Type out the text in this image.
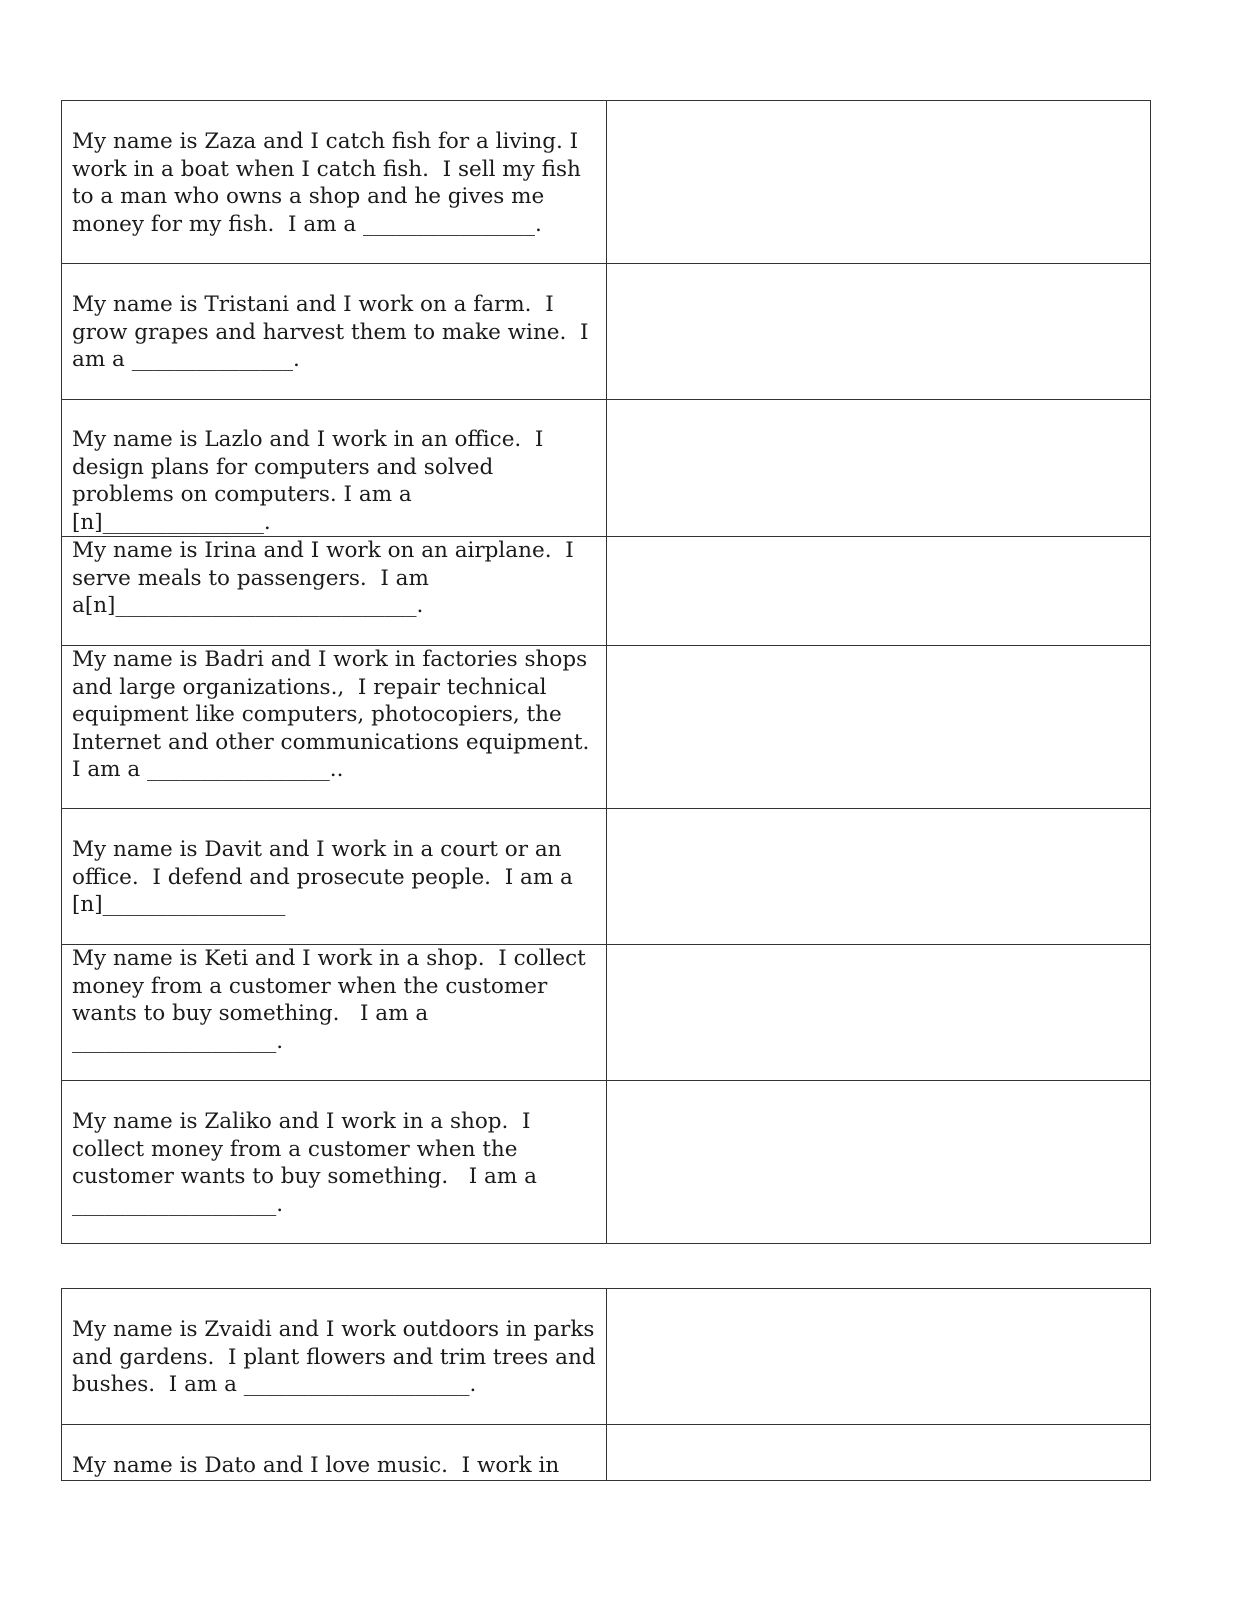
My name is Zaza and I catch fish for a living. I work in a boat when I catch fish.  I sell my fish to a man who owns a shop and he gives me money for my fish.  I am a ________________.	

My name is Tristani and I work on a farm.  I grow grapes and harvest them to make wine.  I am a _______________.	

My name is Lazlo and I work in an office.  I design plans for computers and solved problems on computers. I am a [n]_______________.	

My name is Irina and I work on an airplane.  I serve meals to passengers.  I am a[n]____________________________.	

My name is Badri and I work in factories shops and large organizations.,  I repair technical equipment like computers, photocopiers, the Internet and other communications equipment.  I am a _________________..	

My name is Davit and I work in a court or an office.  I defend and prosecute people.  I am a [n]_________________	

My name is Keti and I work in a shop.  I collect money from a customer when the customer wants to buy something.   I am a ___________________.	

My name is Zaliko and I work in a shop.  I collect money from a customer when the customer wants to buy something.   I am a ___________________.	

My name is Zvaidi and I work outdoors in parks and gardens.  I plant flowers and trim trees and bushes.  I am a _____________________.	

My name is Dato and I love music.  I work in	
